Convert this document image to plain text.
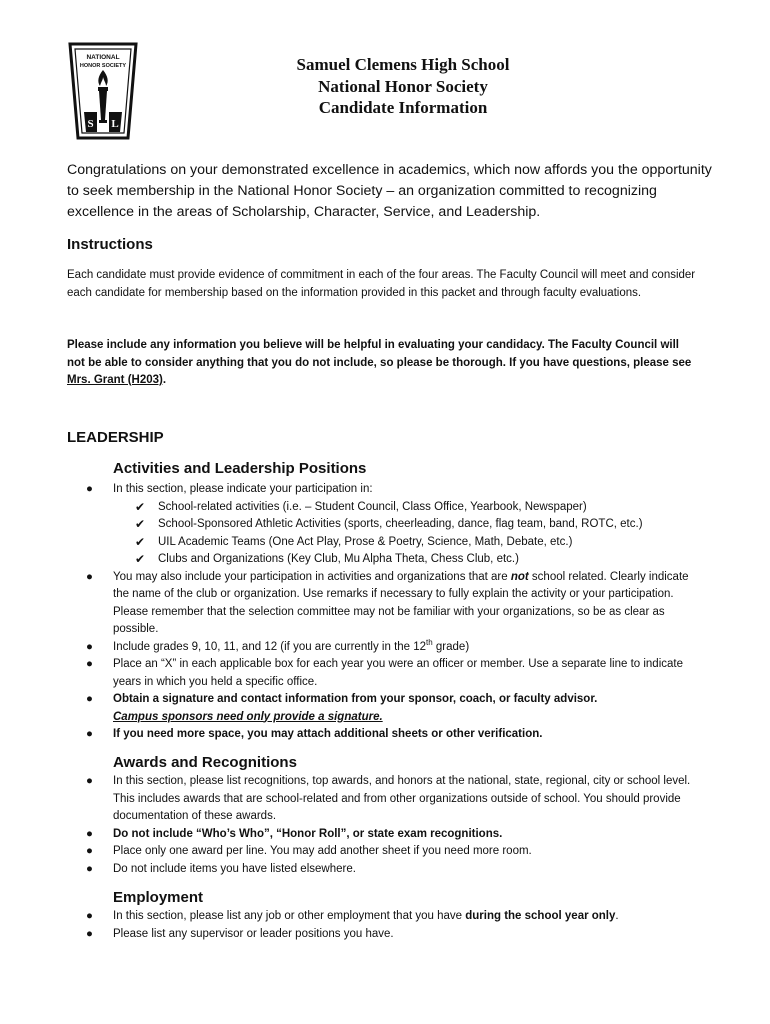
NATIONAL
HONOR SOCIETY
S L
Samuel Clemens High School
National Honor Society
Candidate Information
Congratulations on your demonstrated excellence in academics, which now affords you the opportunity to seek membership in the National Honor Society – an organization committed to recognizing excellence in the areas of Scholarship, Character, Service, and Leadership.
Instructions
Each candidate must provide evidence of commitment in each of the four areas. The Faculty Council will meet and consider each candidate for membership based on the information provided in this packet and through faculty evaluations.
Please include any information you believe will be helpful in evaluating your candidacy. The Faculty Council will not be able to consider anything that you do not include, so please be thorough. If you have questions, please see Mrs. Grant (H203).
LEADERSHIP
Activities and Leadership Positions
● In this section, please indicate your participation in:
✔ School-related activities (i.e. – Student Council, Class Office, Yearbook, Newspaper)
✔ School-Sponsored Athletic Activities (sports, cheerleading, dance, flag team, band, ROTC, etc.)
✔ UIL Academic Teams (One Act Play, Prose & Poetry, Science, Math, Debate, etc.)
✔ Clubs and Organizations (Key Club, Mu Alpha Theta, Chess Club, etc.)
● You may also include your participation in activities and organizations that are not school related. Clearly indicate the name of the club or organization. Use remarks if necessary to fully explain the activity or your participation. Please remember that the selection committee may not be familiar with your organizations, so be as clear as possible.
● Include grades 9, 10, 11, and 12 (if you are currently in the 12th grade)
● Place an “X” in each applicable box for each year you were an officer or member. Use a separate line to indicate years in which you held a specific office.
● Obtain a signature and contact information from your sponsor, coach, or faculty advisor.
Campus sponsors need only provide a signature.
● If you need more space, you may attach additional sheets or other verification.
Awards and Recognitions
● In this section, please list recognitions, top awards, and honors at the national, state, regional, city or school level. This includes awards that are school-related and from other organizations outside of school. You should provide documentation of these awards.
● Do not include “Who’s Who”, “Honor Roll”, or state exam recognitions.
● Place only one award per line. You may add another sheet if you need more room.
● Do not include items you have listed elsewhere.
Employment
● In this section, please list any job or other employment that you have during the school year only.
● Please list any supervisor or leader positions you have.
